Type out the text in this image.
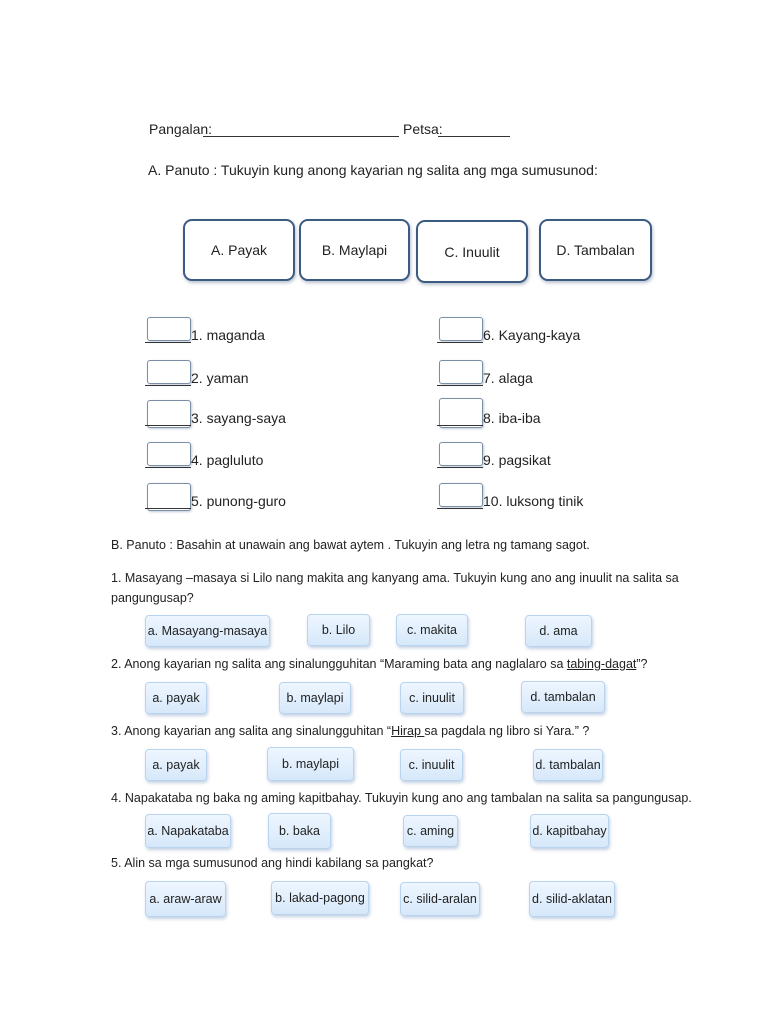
Pangalan:	Petsa:
A. Panuto : Tukuyin kung anong kayarian ng salita ang mga sumusunod:
A. Payak	B. Maylapi	C. Inuulit	D. Tambalan
1. maganda
2. yaman
3. sayang-saya
4. pagluluto
5. punong-guro
6. Kayang-kaya
7. alaga
8. iba-iba
9. pagsikat
10. luksong tinik
B. Panuto : Basahin at unawain ang bawat aytem . Tukuyin ang letra ng tamang sagot.
1. Masayang –masaya si Lilo nang makita ang kanyang ama. Tukuyin kung ano ang inuulit na salita sa
pangungusap?
a. Masayang-masaya	b. Lilo	c. makita	d. ama
2. Anong kayarian ng salita ang sinalungguhitan “Maraming bata ang naglalaro sa tabing-dagat”?
a. payak	b. maylapi	c. inuulit	d. tambalan
3. Anong kayarian ang salita ang sinalungguhitan “Hirap sa pagdala ng libro si Yara.” ?
a. payak	b. maylapi	c. inuulit	d. tambalan
4. Napakataba ng baka ng aming kapitbahay. Tukuyin kung ano ang tambalan na salita sa pangungusap.
a. Napakataba	b. baka	c. aming	d. kapitbahay
5. Alin sa mga sumusunod ang hindi kabilang sa pangkat?
a. araw-araw	b. lakad-pagong	c. silid-aralan	d. silid-aklatan
